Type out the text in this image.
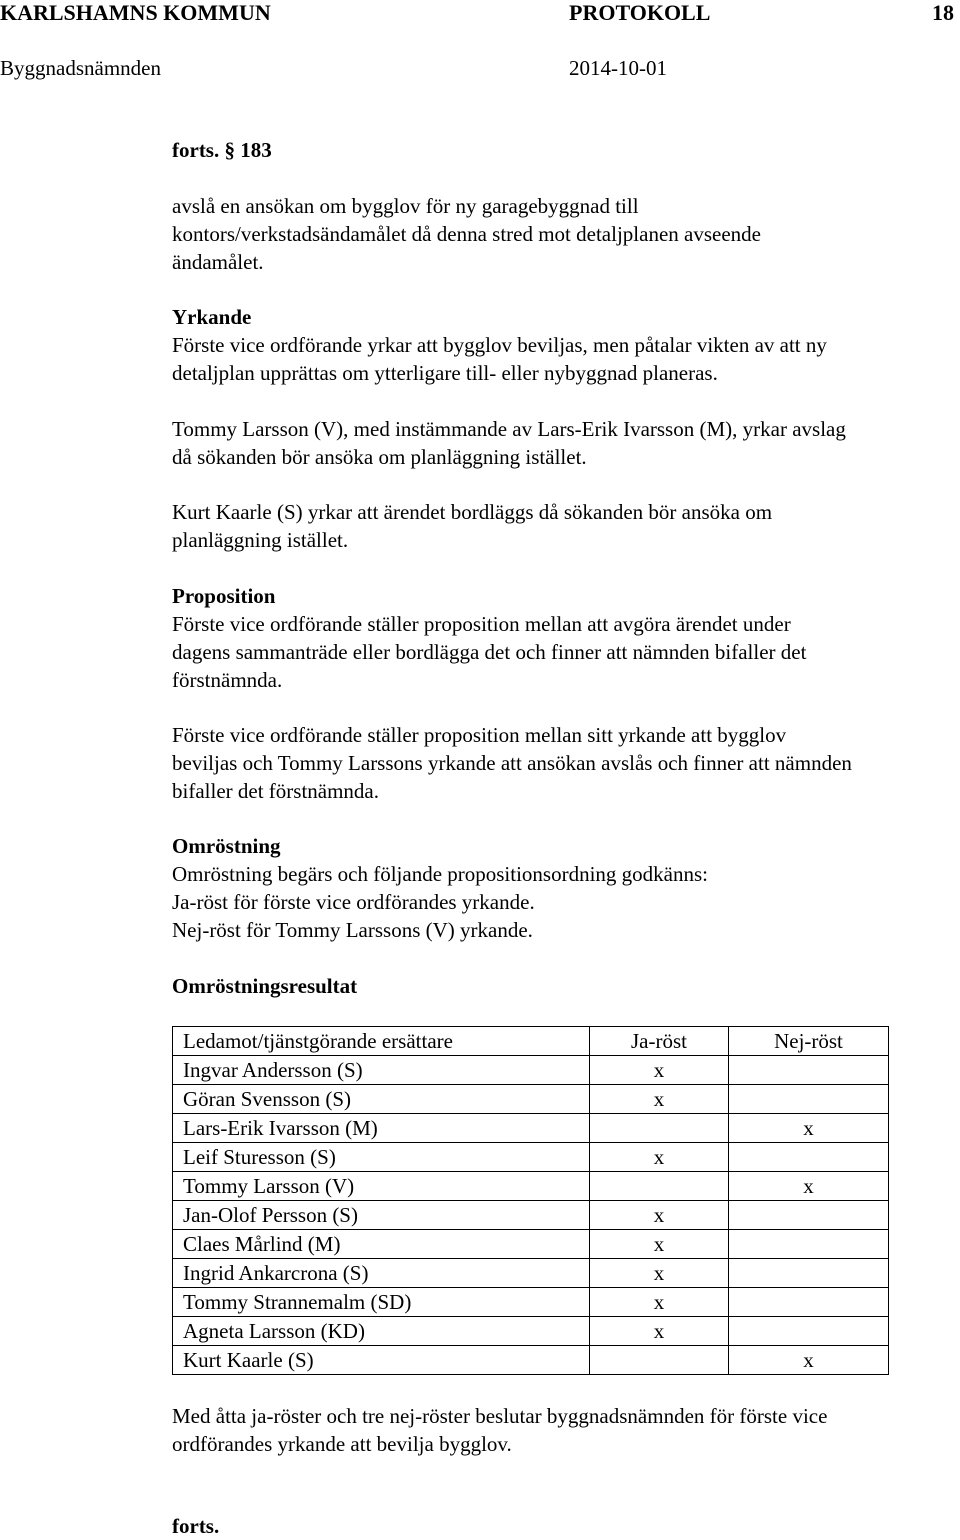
KARLSHAMNS KOMMUN	PROTOKOLL	18
Byggnadsnämnden	2014-10-01

forts. § 183

avslå en ansökan om bygglov för ny garagebyggnad till
kontors/verkstadsändamålet då denna stred mot detaljplanen avseende
ändamålet.

Yrkande

Förste vice ordförande yrkar att bygglov beviljas, men påtalar vikten av att ny
detaljplan upprättas om ytterligare till- eller nybyggnad planeras.

Tommy Larsson (V), med instämmande av Lars-Erik Ivarsson (M), yrkar avslag
då sökanden bör ansöka om planläggning istället.

Kurt Kaarle (S) yrkar att ärendet bordläggs då sökanden bör ansöka om
planläggning istället.

Proposition

Förste vice ordförande ställer proposition mellan att avgöra ärendet under
dagens sammanträde eller bordlägga det och finner att nämnden bifaller det
förstnämnda.

Förste vice ordförande ställer proposition mellan sitt yrkande att bygglov
beviljas och Tommy Larssons yrkande att ansökan avslås och finner att nämnden
bifaller det förstnämnda.

Omröstning

Omröstning begärs och följande propositionsordning godkänns:
Ja-röst för förste vice ordförandes yrkande.
Nej-röst för Tommy Larssons (V) yrkande.

Omröstningsresultat

Med åtta ja-röster och tre nej-röster beslutar byggnadsnämnden för förste vice
ordförandes yrkande att bevilja bygglov.

forts.

Ledamot/tjänstgörande ersättare	Ja-röst	Nej-röst
Ingvar Andersson (S)	x	
Göran Svensson (S)	x	
Lars-Erik Ivarsson (M)		x
Leif Sturesson (S)	x	
Tommy Larsson (V)		x
Jan-Olof Persson (S)	x	
Claes Mårlind (M)	x	
Ingrid Ankarcrona (S)	x	
Tommy Strannemalm (SD)	x	
Agneta Larsson (KD)	x	
Kurt Kaarle (S)		x
